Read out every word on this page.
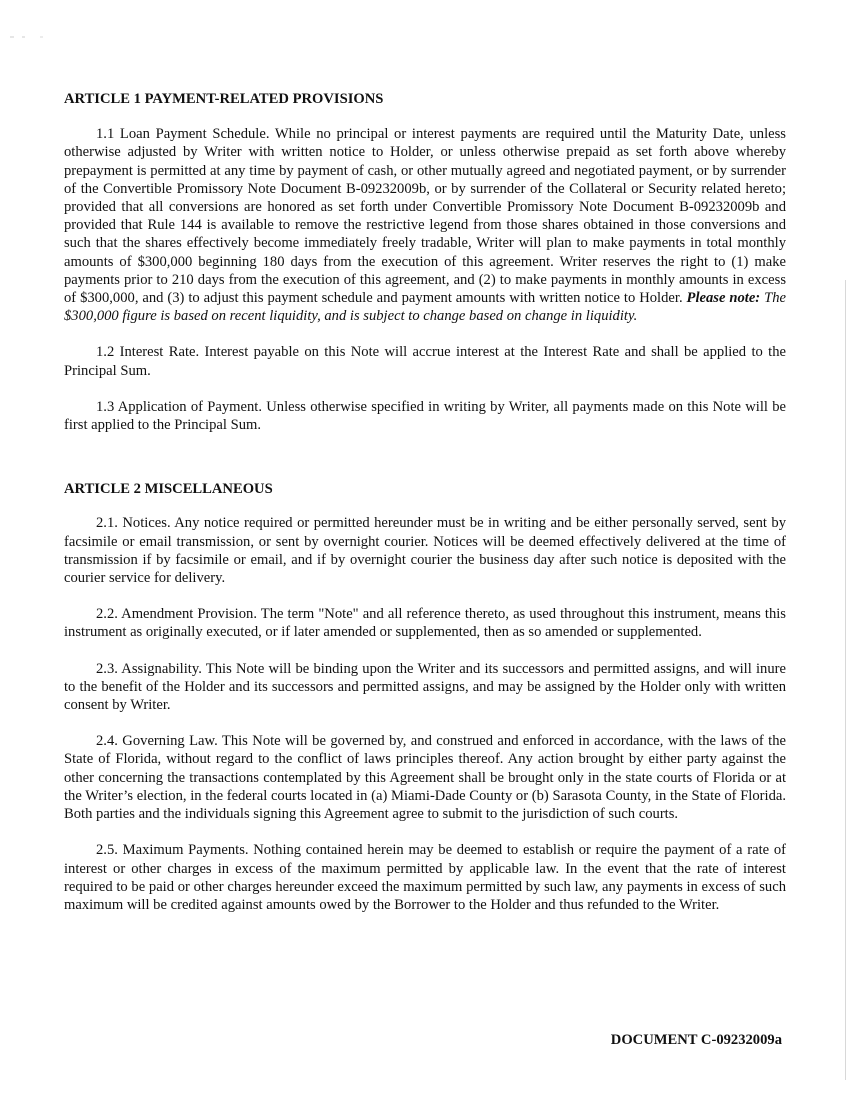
ARTICLE 1 PAYMENT-RELATED PROVISIONS

1.1 Loan Payment Schedule. While no principal or interest payments are required until the Maturity Date, unless otherwise adjusted by Writer with written notice to Holder, or unless otherwise prepaid as set forth above whereby prepayment is permitted at any time by payment of cash, or other mutually agreed and negotiated payment, or by surrender of the Convertible Promissory Note Document B-09232009b, or by surrender of the Collateral or Security related hereto; provided that all conversions are honored as set forth under Convertible Promissory Note Document B-09232009b and provided that Rule 144 is available to remove the restrictive legend from those shares obtained in those conversions and such that the shares effectively become immediately freely tradable, Writer will plan to make payments in total monthly amounts of $300,000 beginning 180 days from the execution of this agreement. Writer reserves the right to (1) make payments prior to 210 days from the execution of this agreement, and (2) to make payments in monthly amounts in excess of $300,000, and (3) to adjust this payment schedule and payment amounts with written notice to Holder. Please note: The $300,000 figure is based on recent liquidity, and is subject to change based on change in liquidity.

1.2 Interest Rate. Interest payable on this Note will accrue interest at the Interest Rate and shall be applied to the Principal Sum.

1.3 Application of Payment. Unless otherwise specified in writing by Writer, all payments made on this Note will be first applied to the Principal Sum.

ARTICLE 2 MISCELLANEOUS

2.1. Notices. Any notice required or permitted hereunder must be in writing and be either personally served, sent by facsimile or email transmission, or sent by overnight courier. Notices will be deemed effectively delivered at the time of transmission if by facsimile or email, and if by overnight courier the business day after such notice is deposited with the courier service for delivery.

2.2. Amendment Provision. The term "Note" and all reference thereto, as used throughout this instrument, means this instrument as originally executed, or if later amended or supplemented, then as so amended or supplemented.

2.3. Assignability. This Note will be binding upon the Writer and its successors and permitted assigns, and will inure to the benefit of the Holder and its successors and permitted assigns, and may be assigned by the Holder only with written consent by Writer.

2.4. Governing Law. This Note will be governed by, and construed and enforced in accordance, with the laws of the State of Florida, without regard to the conflict of laws principles thereof. Any action brought by either party against the other concerning the transactions contemplated by this Agreement shall be brought only in the state courts of Florida or at the Writer’s election, in the federal courts located in (a) Miami-Dade County or (b) Sarasota County, in the State of Florida. Both parties and the individuals signing this Agreement agree to submit to the jurisdiction of such courts.

2.5. Maximum Payments. Nothing contained herein may be deemed to establish or require the payment of a rate of interest or other charges in excess of the maximum permitted by applicable law. In the event that the rate of interest required to be paid or other charges hereunder exceed the maximum permitted by such law, any payments in excess of such maximum will be credited against amounts owed by the Borrower to the Holder and thus refunded to the Writer.

DOCUMENT C-09232009a
